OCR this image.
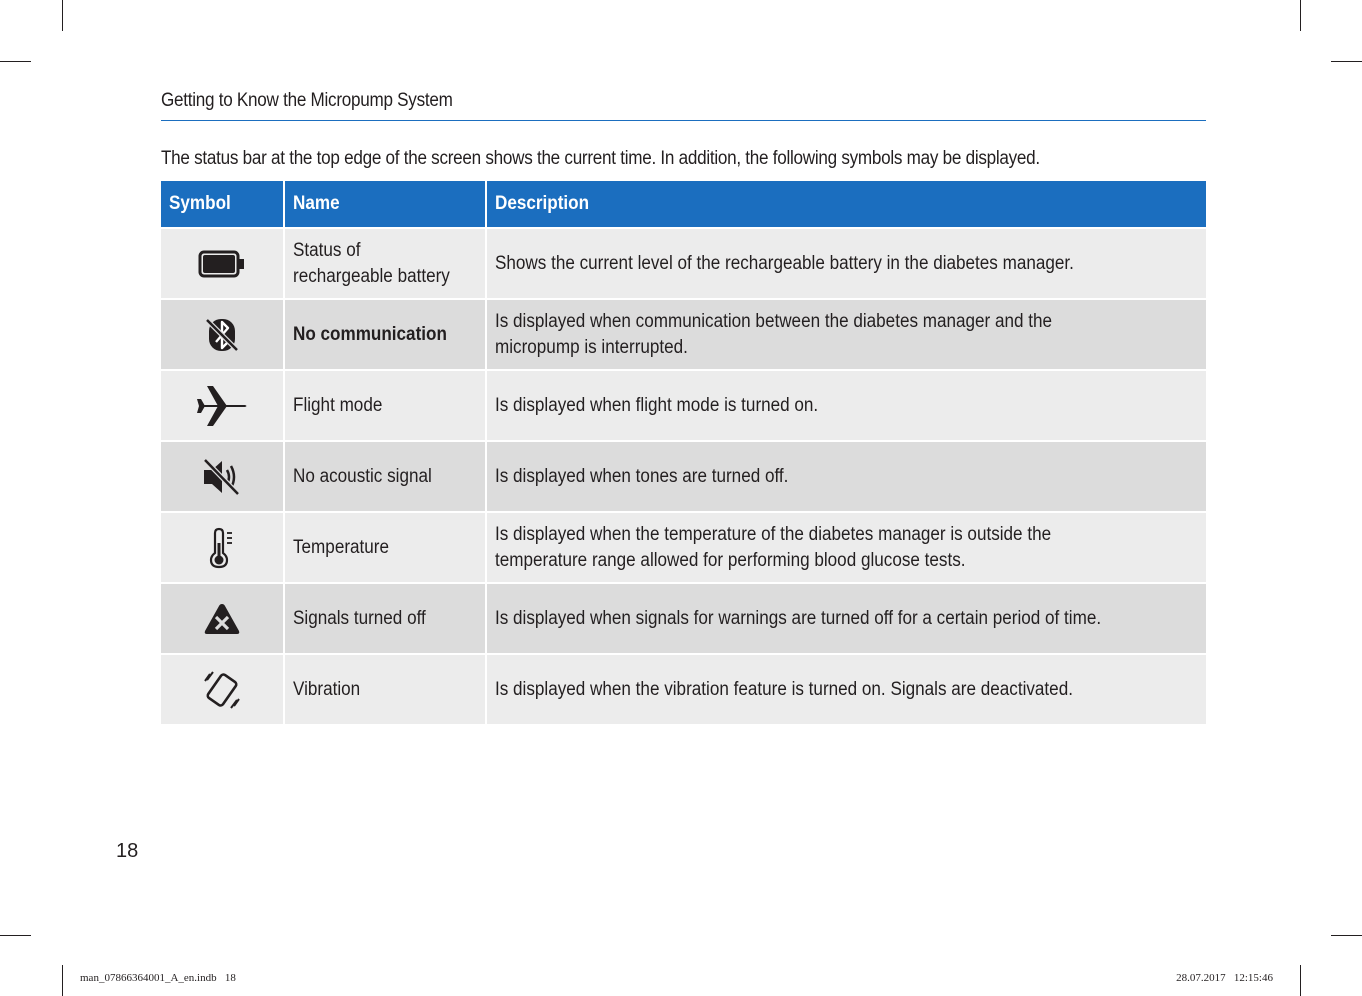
Getting to Know the Micropump System
The status bar at the top edge of the screen shows the current time. In addition, the following symbols may be displayed.
Symbol	Name	Description

	Status of rechargeable battery	Shows the current level of the rechargeable battery in the diabetes manager.

	No communication	Is displayed when communication between the diabetes manager and the micropump is interrupted.

	Flight mode	Is displayed when flight mode is turned on.

	No acoustic signal	Is displayed when tones are turned off.

	Temperature	Is displayed when the temperature of the diabetes manager is outside the temperature range allowed for performing blood glucose tests.

	Signals turned off	Is displayed when signals for warnings are turned off for a certain period of time.

	Vibration	Is displayed when the vibration feature is turned on. Signals are deactivated.
18
man_07866364001_A_en.indb   18	28.07.2017   12:15:46
